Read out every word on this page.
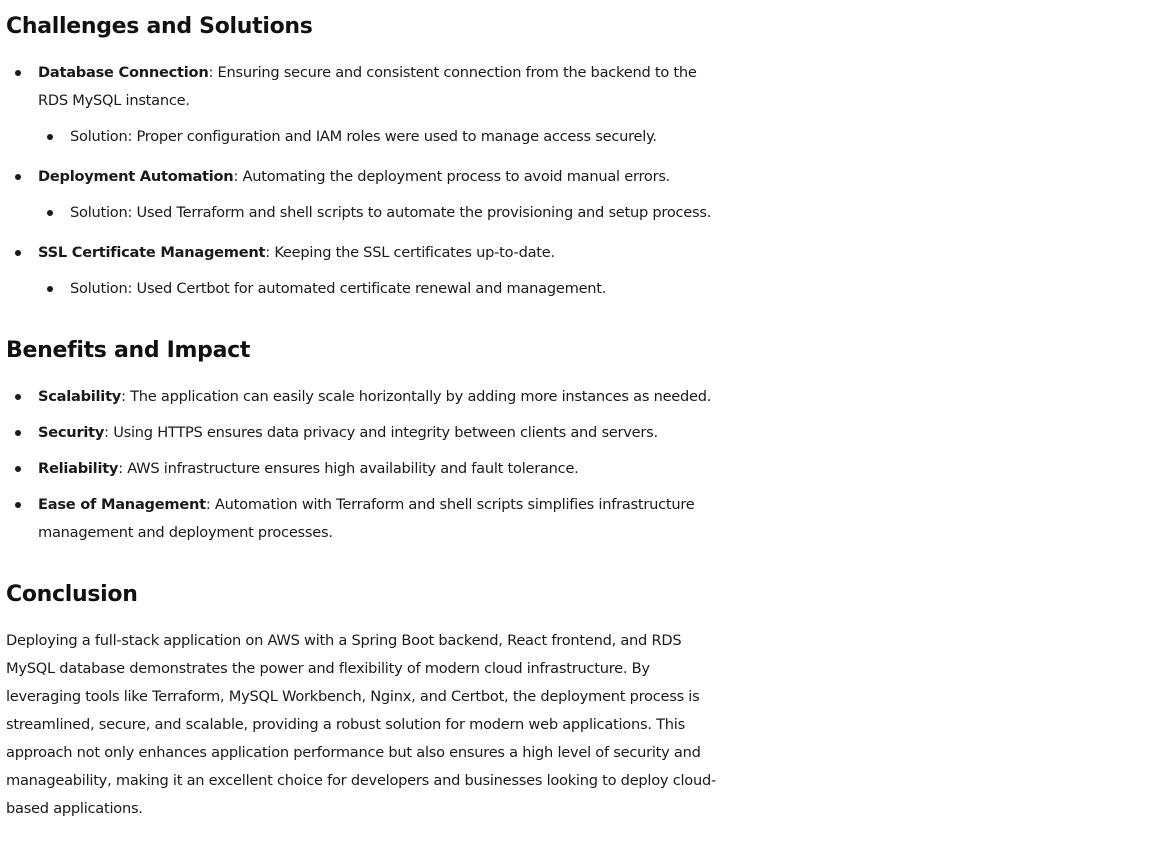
Challenges and Solutions
Database Connection: Ensuring secure and consistent connection from the backend to the RDS MySQL instance.
Solution: Proper configuration and IAM roles were used to manage access securely.
Deployment Automation: Automating the deployment process to avoid manual errors.
Solution: Used Terraform and shell scripts to automate the provisioning and setup process.
SSL Certificate Management: Keeping the SSL certificates up-to-date.
Solution: Used Certbot for automated certificate renewal and management.
Benefits and Impact
Scalability: The application can easily scale horizontally by adding more instances as needed.
Security: Using HTTPS ensures data privacy and integrity between clients and servers.
Reliability: AWS infrastructure ensures high availability and fault tolerance.
Ease of Management: Automation with Terraform and shell scripts simplifies infrastructure management and deployment processes.
Conclusion

Deploying a full-stack application on AWS with a Spring Boot backend, React frontend, and RDS MySQL database demonstrates the power and flexibility of modern cloud infrastructure. By leveraging tools like Terraform, MySQL Workbench, Nginx, and Certbot, the deployment process is streamlined, secure, and scalable, providing a robust solution for modern web applications. This approach not only enhances application performance but also ensures a high level of security and manageability, making it an excellent choice for developers and businesses looking to deploy cloud-based applications.
